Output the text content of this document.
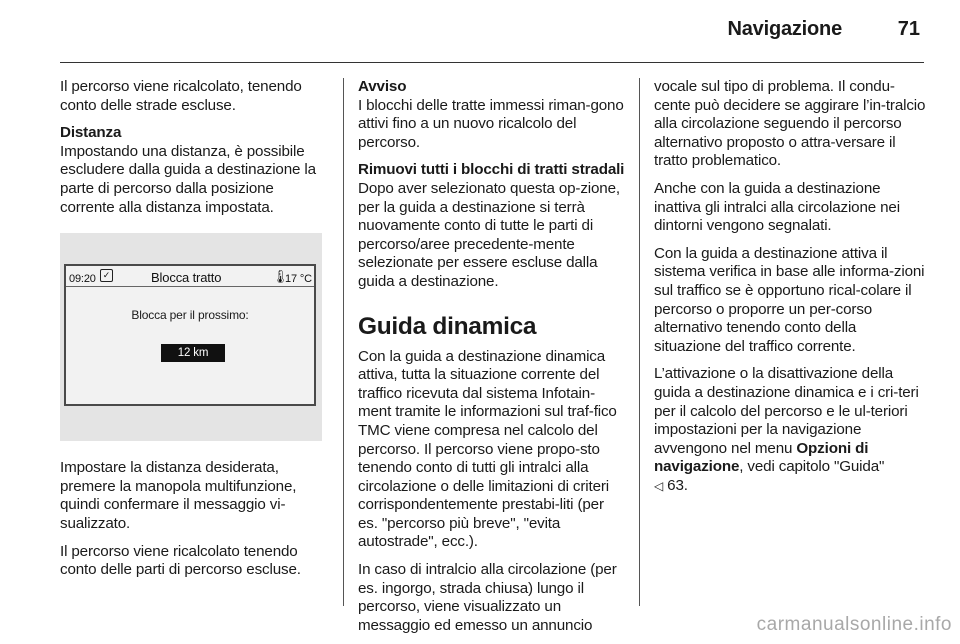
Navigazione	71

Il percorso viene ricalcolato, tenendo conto delle strade escluse.

Distanza
Impostando una distanza, è possibile escludere dalla guida a destinazione la parte di percorso dalla posizione corrente alla distanza impostata.

09:20 ✓	Blocca tratto	🌡
17 °C
Blocca per il prossimo:
12 km

Impostare la distanza desiderata, premere la manopola multifunzione, quindi confermare il messaggio vi-sualizzato.

Il percorso viene ricalcolato tenendo conto delle parti di percorso escluse.

Avviso
I blocchi delle tratte immessi riman-gono attivi fino a un nuovo ricalcolo del percorso.

Rimuovi tutti i blocchi di tratti stradali
Dopo aver selezionato questa op-zione, per la guida a destinazione si terrà nuovamente conto di tutte le parti di percorso/aree precedente-mente selezionate per essere escluse dalla guida a destinazione.

Guida dinamica

Con la guida a destinazione dinamica attiva, tutta la situazione corrente del traffico ricevuta dal sistema Infotain-ment tramite le informazioni sul traf-fico TMC viene compresa nel calcolo del percorso. Il percorso viene propo-sto tenendo conto di tutti gli intralci alla circolazione o delle limitazioni di criteri corrispondentemente prestabi-liti (per es. "percorso più breve", "evita autostrade", ecc.).

In caso di intralcio alla circolazione (per es. ingorgo, strada chiusa) lungo il percorso, viene visualizzato un messaggio ed emesso un annuncio

vocale sul tipo di problema. Il condu-cente può decidere se aggirare l’in-tralcio alla circolazione seguendo il percorso alternativo proposto o attra-versare il tratto problematico.

Anche con la guida a destinazione inattiva gli intralci alla circolazione nei dintorni vengono segnalati.

Con la guida a destinazione attiva il sistema verifica in base alle informa-zioni sul traffico se è opportuno rical-colare il percorso o proporre un per-corso alternativo tenendo conto della situazione del traffico corrente.

L’attivazione o la disattivazione della guida a destinazione dinamica e i cri-teri per il calcolo del percorso e le ul-teriori impostazioni per la navigazione avvengono nel menu Opzioni di navigazione, vedi capitolo "Guida"
◁ 63.

carmanualsonline.info
